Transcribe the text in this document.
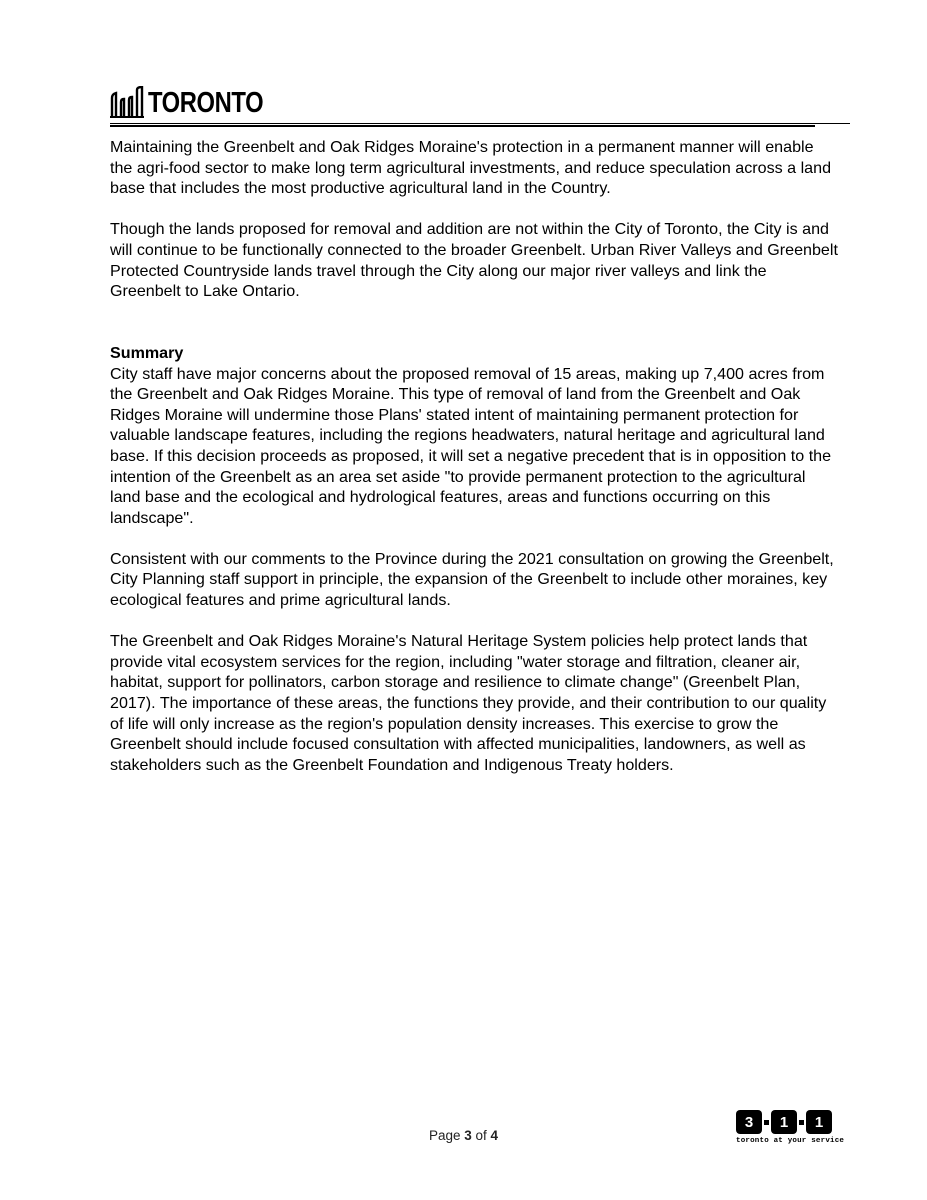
TORONTO

Maintaining the Greenbelt and Oak Ridges Moraine's protection in a permanent manner will enable the agri-food sector to make long term agricultural investments, and reduce speculation across a land base that includes the most productive agricultural land in the Country.

Though the lands proposed for removal and addition are not within the City of Toronto, the City is and will continue to be functionally connected to the broader Greenbelt. Urban River Valleys and Greenbelt Protected Countryside lands travel through the City along our major river valleys and link the Greenbelt to Lake Ontario.

Summary

City staff have major concerns about the proposed removal of 15 areas, making up 7,400 acres from the Greenbelt and Oak Ridges Moraine. This type of removal of land from the Greenbelt and Oak Ridges Moraine will undermine those Plans' stated intent of maintaining permanent protection for valuable landscape features, including the regions headwaters, natural heritage and agricultural land base. If this decision proceeds as proposed, it will set a negative precedent that is in opposition to the intention of the Greenbelt as an area set aside "to provide permanent protection to the agricultural land base and the ecological and hydrological features, areas and functions occurring on this landscape".

Consistent with our comments to the Province during the 2021 consultation on growing the Greenbelt, City Planning staff support in principle, the expansion of the Greenbelt to include other moraines, key ecological features and prime agricultural lands.

The Greenbelt and Oak Ridges Moraine's Natural Heritage System policies help protect lands that provide vital ecosystem services for the region, including "water storage and filtration, cleaner air, habitat, support for pollinators, carbon storage and resilience to climate change" (Greenbelt Plan, 2017). The importance of these areas, the functions they provide, and their contribution to our quality of life will only increase as the region's population density increases. This exercise to grow the Greenbelt should include focused consultation with affected municipalities, landowners, as well as stakeholders such as the Greenbelt Foundation and Indigenous Treaty holders.

Page 3 of 4
3	1	1
toronto at your service
